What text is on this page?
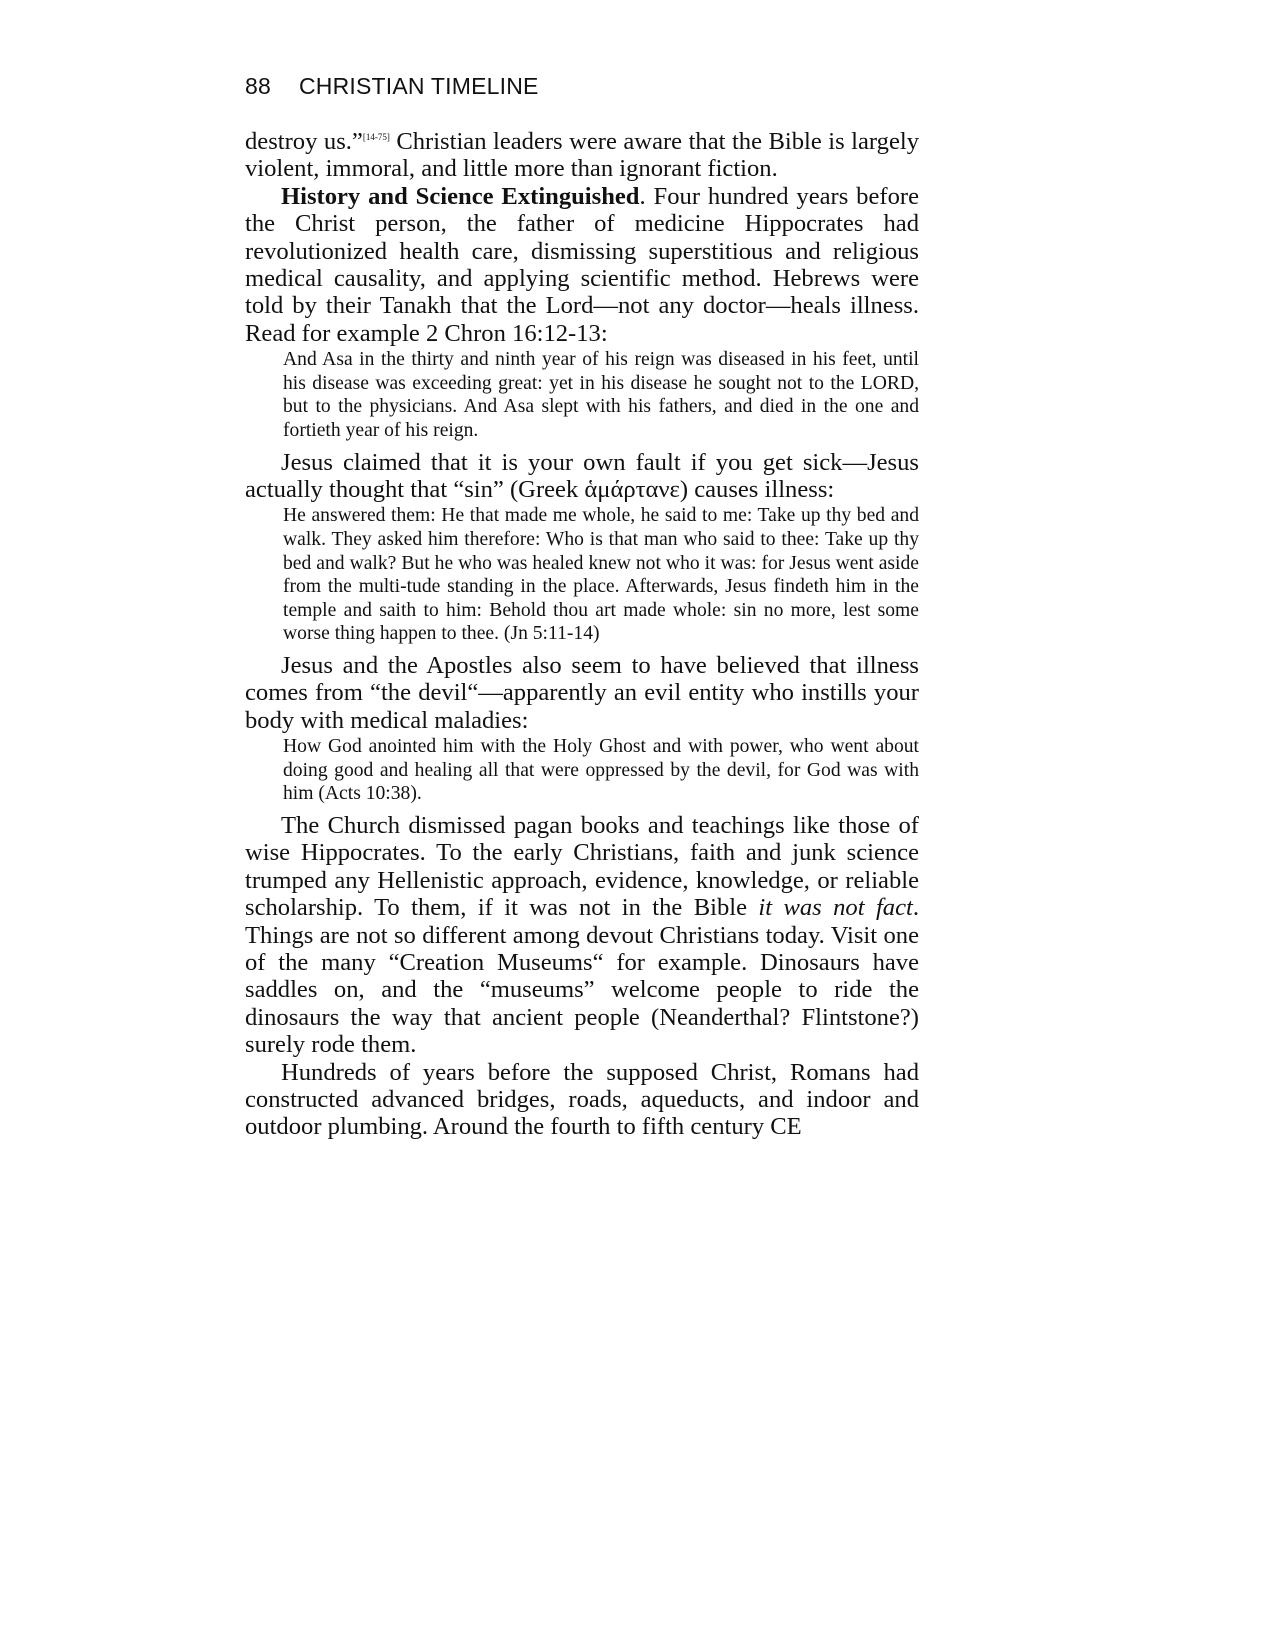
88 CHRISTIAN TIMELINE

destroy us.”[14-75] Christian leaders were aware that the Bible is largely violent, immoral, and little more than ignorant fiction.

History and Science Extinguished. Four hundred years before the Christ person, the father of medicine Hippocrates had revolutionized health care, dismissing superstitious and religious medical causality, and applying scientific method. Hebrews were told by their Tanakh that the Lord—not any doctor—heals illness. Read for example 2 Chron 16:12-13:

And Asa in the thirty and ninth year of his reign was diseased in his feet, until his disease was exceeding great: yet in his disease he sought not to the LORD, but to the physicians. And Asa slept with his fathers, and died in the one and fortieth year of his reign.

Jesus claimed that it is your own fault if you get sick—Jesus actually thought that “sin” (Greek ἁμάρτανε) causes illness:

He answered them: He that made me whole, he said to me: Take up thy bed and walk. They asked him therefore: Who is that man who said to thee: Take up thy bed and walk? But he who was healed knew not who it was: for Jesus went aside from the multi-tude standing in the place. Afterwards, Jesus findeth him in the temple and saith to him: Behold thou art made whole: sin no more, lest some worse thing happen to thee. (Jn 5:11-14)

Jesus and the Apostles also seem to have believed that illness comes from “the devil“—apparently an evil entity who instills your body with medical maladies:

How God anointed him with the Holy Ghost and with power, who went about doing good and healing all that were oppressed by the devil, for God was with him (Acts 10:38).

The Church dismissed pagan books and teachings like those of wise Hippocrates. To the early Christians, faith and junk science trumped any Hellenistic approach, evidence, knowledge, or reliable scholarship. To them, if it was not in the Bible it was not fact. Things are not so different among devout Christians today. Visit one of the many “Creation Museums“ for example. Dinosaurs have saddles on, and the “museums” welcome people to ride the dinosaurs the way that ancient people (Neanderthal? Flintstone?) surely rode them.

Hundreds of years before the supposed Christ, Romans had constructed advanced bridges, roads, aqueducts, and indoor and outdoor plumbing. Around the fourth to fifth century CE
